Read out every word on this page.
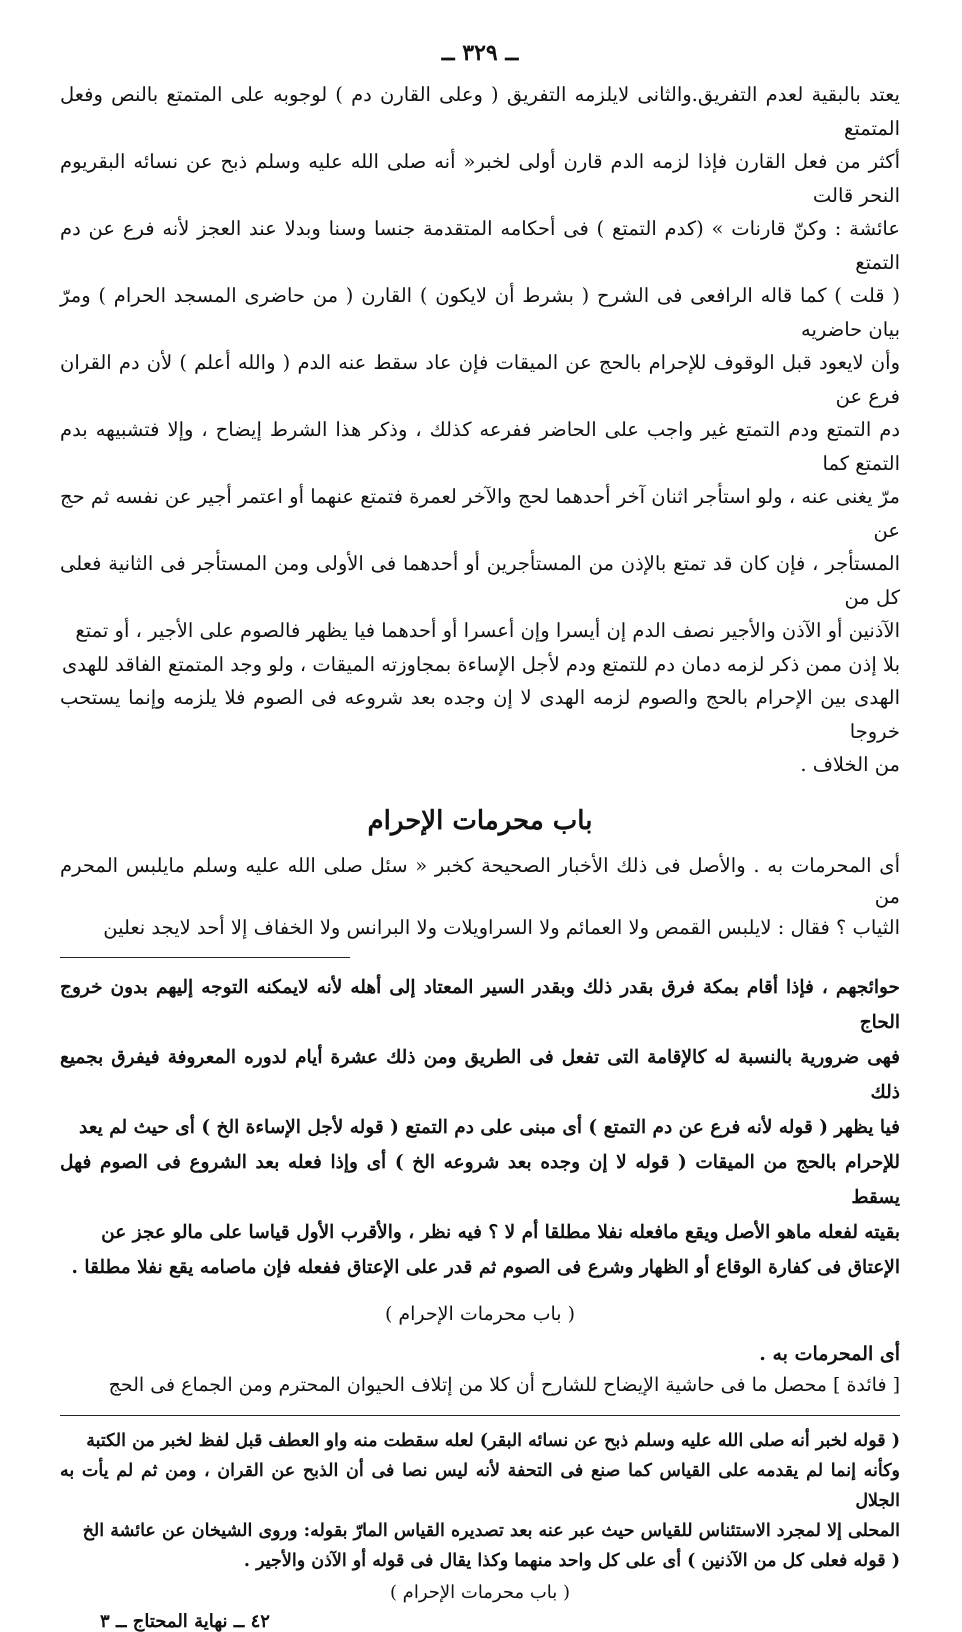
ــ ٣٢٩ ــ

يعتد بالبقية لعدم التفريق.والثانى لايلزمه التفريق ( وعلى القارن دم ) لوجوبه على المتمتع بالنص وفعل المتمتع

أكثر من فعل القارن فإذا لزمه الدم قارن أولى لخبر« أنه صلى الله عليه وسلم ذبح عن نسائه البقريوم النحر قالت

عائشة : وكنّ قارنات » (كدم التمتع ) فى أحكامه المتقدمة جنسا وسنا وبدلا عند العجز لأنه فرع عن دم التمتع

( قلت ) كما قاله الرافعى فى الشرح ( بشرط أن لايكون ) القارن ( من حاضرى المسجد الحرام ) ومرّ بيان حاضريه

وأن لايعود قبل الوقوف للإحرام بالحج عن الميقات فإن عاد سقط عنه الدم ( والله أعلم ) لأن دم القران فرع عن

دم التمتع ودم التمتع غير واجب على الحاضر ففرعه كذلك ، وذكر هذا الشرط إيضاح ، وإلا فتشبيهه بدم التمتع كما

مرّ يغنى عنه ، ولو استأجر اثنان آخر أحدهما لحج والآخر لعمرة فتمتع عنهما أو اعتمر أجير عن نفسه ثم حج عن

المستأجر ، فإن كان قد تمتع بالإذن من المستأجرين أو أحدهما فى الأولى ومن المستأجر فى الثانية فعلى كل من

الآذنين أو الآذن والأجير نصف الدم إن أيسرا وإن أعسرا أو أحدهما فيا يظهر فالصوم على الأجير ، أو تمتع

بلا إذن ممن ذكر لزمه دمان دم للتمتع ودم لأجل الإساءة بمجاوزته الميقات ، ولو وجد المتمتع الفاقد للهدى

الهدى بين الإحرام بالحج والصوم لزمه الهدى لا إن وجده بعد شروعه فى الصوم فلا يلزمه وإنما يستحب خروجا

من الخلاف .

باب محرمات الإحرام

أى المحرمات به . والأصل فى ذلك الأخبار الصحيحة كخبر « سئل صلى الله عليه وسلم مايلبس المحرم من

الثياب ؟ فقال : لايلبس القمص ولا العمائم ولا السراويلات ولا البرانس ولا الخفاف إلا أحد لايجد نعلين

حوائجهم ، فإذا أقام بمكة فرق بقدر ذلك وبقدر السير المعتاد إلى أهله لأنه لايمكنه التوجه إليهم بدون خروج الحاج

فهى ضرورية بالنسبة له كالإقامة التى تفعل فى الطريق ومن ذلك عشرة أيام لدوره المعروفة فيفرق بجميع ذلك

فيا يظهر ( قوله لأنه فرع عن دم التمتع ) أى مبنى على دم التمتع ( قوله لأجل الإساءة الخ ) أى حيث لم يعد

للإحرام بالحج من الميقات ( قوله لا إن وجده بعد شروعه الخ ) أى وإذا فعله بعد الشروع فى الصوم فهل يسقط

بقيته لفعله ماهو الأصل ويقع مافعله نفلا مطلقا أم لا ؟ فيه نظر ، والأقرب الأول قياسا على مالو عجز عن

الإعتاق فى كفارة الوقاع أو الظهار وشرع فى الصوم ثم قدر على الإعتاق ففعله فإن ماصامه يقع نفلا مطلقا .

( باب محرمات الإحرام )

أى المحرمات به .

[ فائدة ] محصل ما فى حاشية الإيضاح للشارح أن كلا من إتلاف الحيوان المحترم ومن الجماع فى الحج

( قوله لخبر أنه صلى الله عليه وسلم ذبح عن نسائه البقر) لعله سقطت منه واو العطف قبل لفظ لخبر من الكتبة

وكأنه إنما لم يقدمه على القياس كما صنع فى التحفة لأنه ليس نصا فى أن الذبح عن القران ، ومن ثم لم يأت به الجلال

المحلى إلا لمجرد الاستئناس للقياس حيث عبر عنه بعد تصديره القياس المارّ بقوله: وروى الشيخان عن عائشة الخ

( قوله فعلى كل من الآذنين ) أى على كل واحد منهما وكذا يقال فى قوله أو الآذن والأجير .

( باب محرمات الإحرام )
٤٢ ــ نهاية المحتاج ــ ٣
